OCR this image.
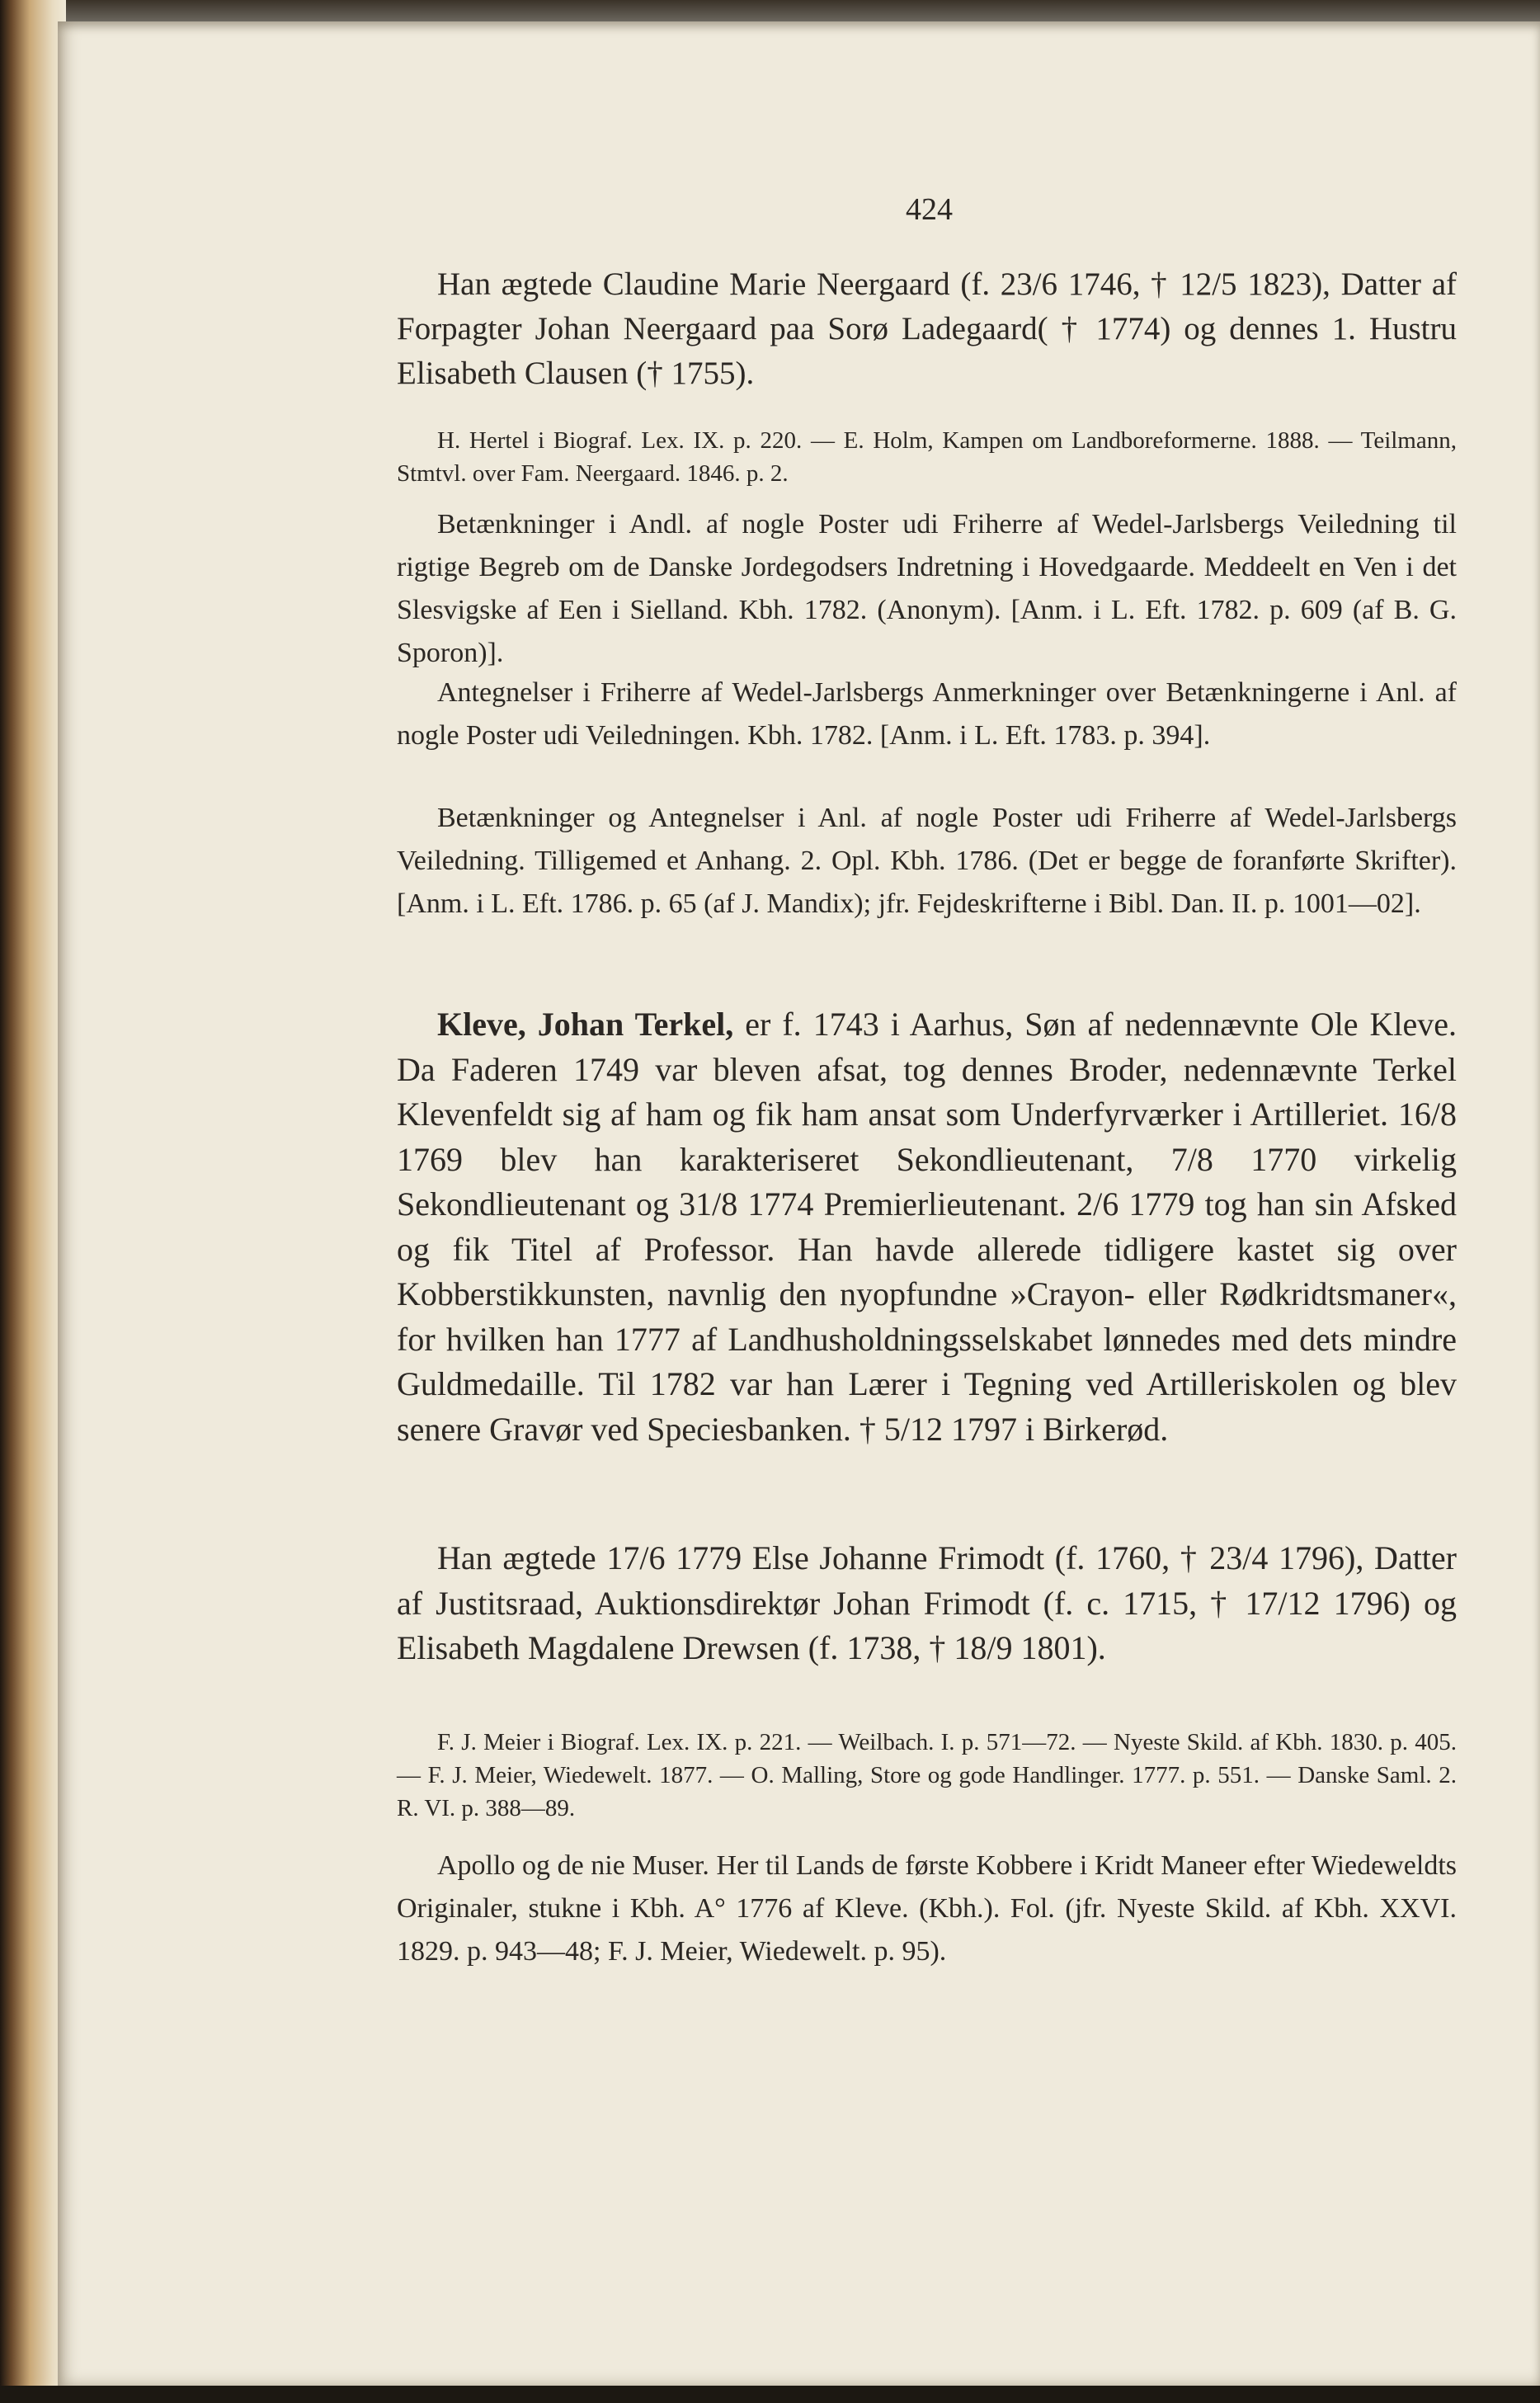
424

Han ægtede Claudine Marie Neergaard (f. 23/6 1746, † 12/5 1823), Datter af Forpagter Johan Neergaard paa Sorø Ladegaard( † 1774) og dennes 1. Hustru Elisabeth Clausen († 1755).

H. Hertel i Biograf. Lex. IX. p. 220. — E. Holm, Kampen om Landboreformerne. 1888. — Teilmann, Stmtvl. over Fam. Neergaard. 1846. p. 2.

Betænkninger i Andl. af nogle Poster udi Friherre af Wedel-Jarlsbergs Veiledning til rigtige Begreb om de Danske Jordegodsers Indretning i Hovedgaarde. Meddeelt en Ven i det Slesvigske af Een i Sielland. Kbh. 1782. (Anonym). [Anm. i L. Eft. 1782. p. 609 (af B. G. Sporon)].

Antegnelser i Friherre af Wedel-Jarlsbergs Anmerkninger over Betænkningerne i Anl. af nogle Poster udi Veiledningen. Kbh. 1782. [Anm. i L. Eft. 1783. p. 394].

Betænkninger og Antegnelser i Anl. af nogle Poster udi Friherre af Wedel-Jarlsbergs Veiledning. Tilligemed et Anhang. 2. Opl. Kbh. 1786. (Det er begge de foranførte Skrifter). [Anm. i L. Eft. 1786. p. 65 (af J. Mandix); jfr. Fejdeskrifterne i Bibl. Dan. II. p. 1001—02].

Kleve, Johan Terkel, er f. 1743 i Aarhus, Søn af nedennævnte Ole Kleve. Da Faderen 1749 var bleven afsat, tog dennes Broder, nedennævnte Terkel Klevenfeldt sig af ham og fik ham ansat som Underfyrværker i Artilleriet. 16/8 1769 blev han karakteriseret Sekondlieutenant, 7/8 1770 virkelig Sekondlieutenant og 31/8 1774 Premierlieutenant. 2/6 1779 tog han sin Afsked og fik Titel af Professor. Han havde allerede tidligere kastet sig over Kobberstikkunsten, navnlig den nyopfundne »Crayon- eller Rødkridtsmaner«, for hvilken han 1777 af Landhusholdningsselskabet lønnedes med dets mindre Guldmedaille. Til 1782 var han Lærer i Tegning ved Artilleriskolen og blev senere Gravør ved Speciesbanken. † 5/12 1797 i Birkerød.

Han ægtede 17/6 1779 Else Johanne Frimodt (f. 1760, † 23/4 1796), Datter af Justitsraad, Auktionsdirektør Johan Frimodt (f. c. 1715, † 17/12 1796) og Elisabeth Magdalene Drewsen (f. 1738, † 18/9 1801).

F. J. Meier i Biograf. Lex. IX. p. 221. — Weilbach. I. p. 571—72. — Nyeste Skild. af Kbh. 1830. p. 405. — F. J. Meier, Wiedewelt. 1877. — O. Malling, Store og gode Handlinger. 1777. p. 551. — Danske Saml. 2. R. VI. p. 388—89.

Apollo og de nie Muser. Her til Lands de første Kobbere i Kridt Maneer efter Wiedeweldts Originaler, stukne i Kbh. A° 1776 af Kleve. (Kbh.). Fol. (jfr. Nyeste Skild. af Kbh. XXVI. 1829. p. 943—48; F. J. Meier, Wiedewelt. p. 95).
